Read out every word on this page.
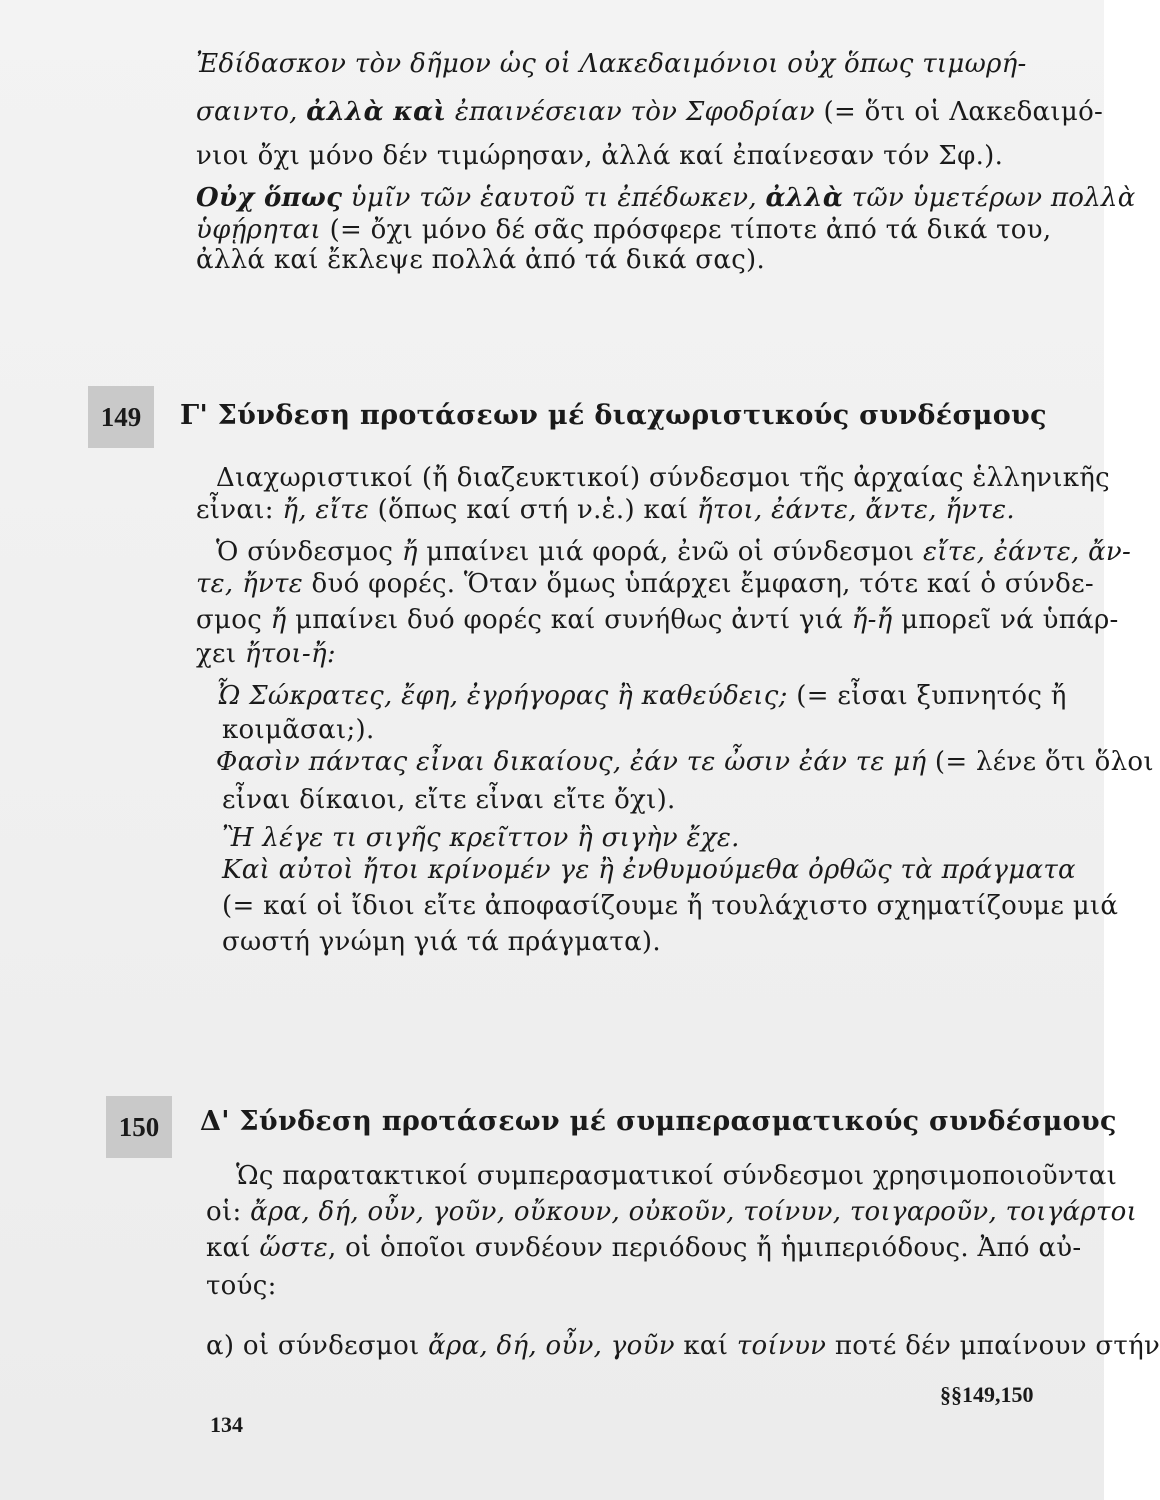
Ἐδίδασκον τὸν δῆμον ὡς οἱ Λακεδαιμόνιοι οὐχ ὅπως τιμωρή-
σαιντο, ἀλλὰ καὶ ἐπαινέσειαν τὸν Σφοδρίαν (= ὅτι οἱ Λακεδαιμό-
νιοι ὄχι μόνο δέν τιμώρησαν, ἀλλά καί ἐπαίνεσαν τόν Σφ.).
Οὐχ ὅπως ὑμῖν τῶν ἑαυτοῦ τι ἐπέδωκεν, ἀλλὰ τῶν ὑμετέρων πολλὰ
ὑφῄρηται (= ὄχι μόνο δέ σᾶς πρόσφερε τίποτε ἀπό τά δικά του,
ἀλλά καί ἔκλεψε πολλά ἀπό τά δικά σας).
149	Γ' Σύνδεση προτάσεων μέ διαχωριστικούς συνδέσμους
Διαχωριστικοί (ἤ διαζευκτικοί) σύνδεσμοι τῆς ἀρχαίας ἑλληνικῆς
εἶναι: ἤ, εἴτε (ὅπως καί στή ν.ἑ.) καί ἤτοι, ἐάντε, ἄντε, ἤντε.
Ὁ σύνδεσμος ἤ μπαίνει μιά φορά, ἐνῶ οἱ σύνδεσμοι εἴτε, ἐάντε, ἄν-
τε, ἤντε δυό φορές. Ὅταν ὅμως ὑπάρχει ἔμφαση, τότε καί ὁ σύνδε-
σμος ἤ μπαίνει δυό φορές καί συνήθως ἀντί γιά ἤ-ἤ μπορεῖ νά ὑπάρ-
χει ἤτοι-ἤ:
Ὦ Σώκρατες, ἔφη, ἐγρήγορας ἢ καθεύδεις; (= εἶσαι ξυπνητός ἤ
κοιμᾶσαι;).
Φασὶν πάντας εἶναι δικαίους, ἐάν τε ὦσιν ἐάν τε μή (= λένε ὅτι ὅλοι
εἶναι δίκαιοι, εἴτε εἶναι εἴτε ὄχι).
Ἢ λέγε τι σιγῆς κρεῖττον ἢ σιγὴν ἔχε.
Καὶ αὐτοὶ ἤτοι κρίνομέν γε ἢ ἐνθυμούμεθα ὀρθῶς τὰ πράγματα
(= καί οἱ ἴδιοι εἴτε ἀποφασίζουμε ἤ τουλάχιστο σχηματίζουμε μιά
σωστή γνώμη γιά τά πράγματα).
150	Δ' Σύνδεση προτάσεων μέ συμπερασματικούς συνδέσμους
Ὡς παρατακτικοί συμπερασματικοί σύνδεσμοι χρησιμοποιοῦνται
οἱ: ἄρα, δή, οὖν, γοῦν, οὔκουν, οὐκοῦν, τοίνυν, τοιγαροῦν, τοιγάρτοι
καί ὥστε, οἱ ὁποῖοι συνδέουν περιόδους ἤ ἡμιπεριόδους. Ἀπό αὐ-
τούς:
α) οἱ σύνδεσμοι ἄρα, δή, οὖν, γοῦν καί τοίνυν ποτέ δέν μπαίνουν στήν
134
§§149,150
